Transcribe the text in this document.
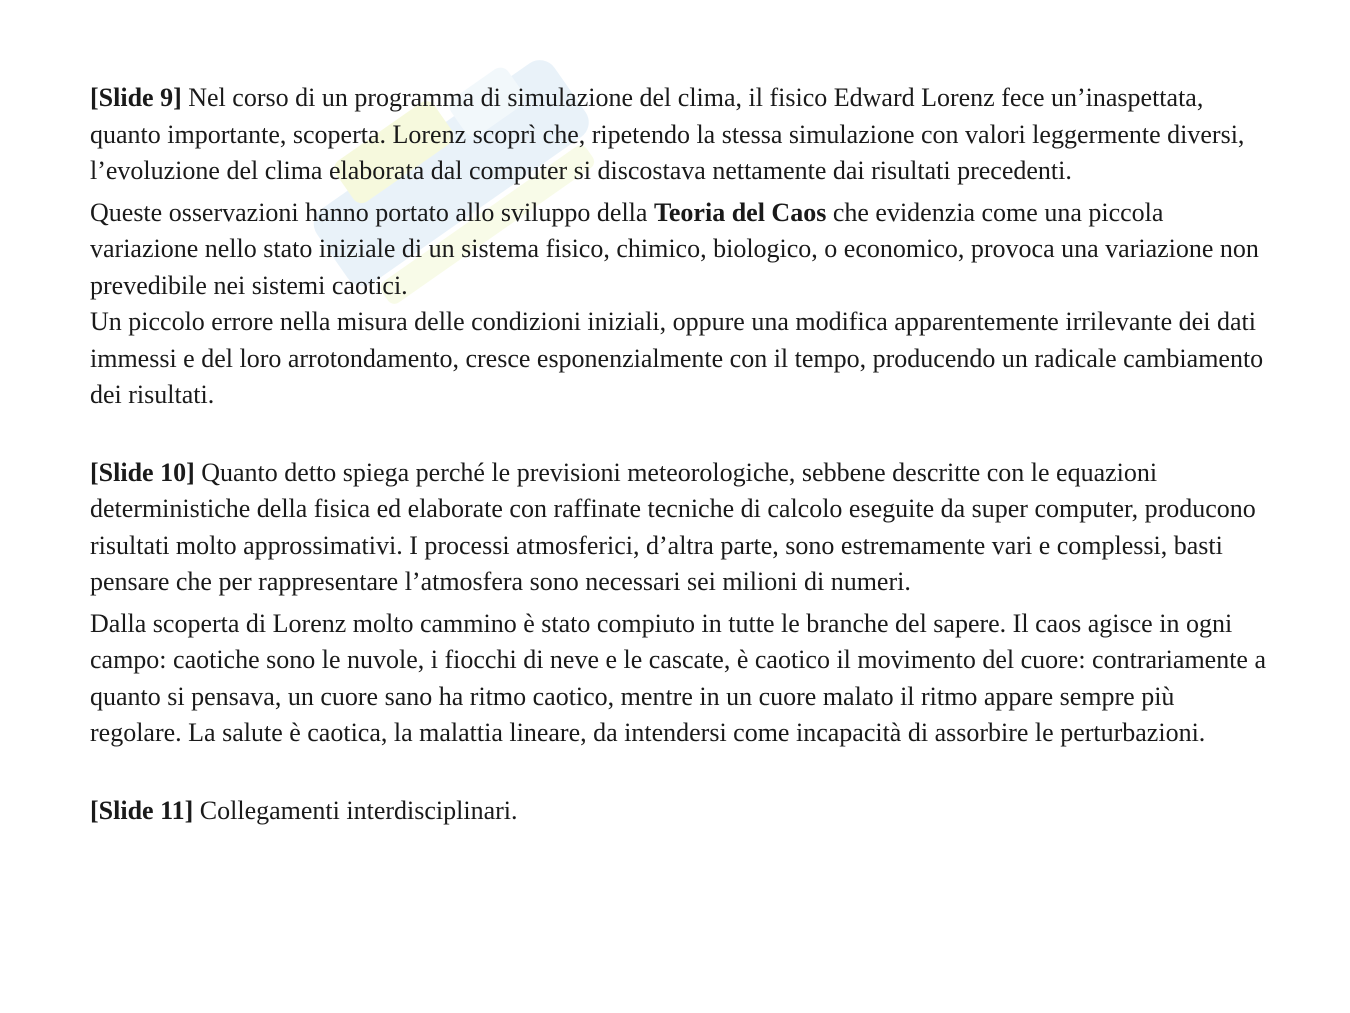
[Slide 9] Nel corso di un programma di simulazione del clima, il fisico Edward Lorenz fece un’inaspettata, quanto importante, scoperta. Lorenz scoprì che, ripetendo la stessa simulazione con valori leggermente diversi, l’evoluzione del clima elaborata dal computer si discostava nettamente dai risultati precedenti.

Queste osservazioni hanno portato allo sviluppo della Teoria del Caos che evidenzia come una piccola variazione nello stato iniziale di un sistema fisico, chimico, biologico, o economico, provoca una variazione non prevedibile nei sistemi caotici.

Un piccolo errore nella misura delle condizioni iniziali, oppure una modifica apparentemente irrilevante dei dati immessi e del loro arrotondamento, cresce esponenzialmente con il tempo, producendo un radicale cambiamento dei risultati.

[Slide 10] Quanto detto spiega perché le previsioni meteorologiche, sebbene descritte con le equazioni deterministiche della fisica ed elaborate con raffinate tecniche di calcolo eseguite da super computer, producono risultati molto approssimativi. I processi atmosferici, d’altra parte, sono estremamente vari e complessi, basti pensare che per rappresentare l’atmosfera sono necessari sei milioni di numeri.

Dalla scoperta di Lorenz molto cammino è stato compiuto in tutte le branche del sapere. Il caos agisce in ogni campo: caotiche sono le nuvole, i fiocchi di neve e le cascate, è caotico il movimento del cuore: contrariamente a quanto si pensava, un cuore sano ha ritmo caotico, mentre in un cuore malato il ritmo appare sempre più regolare. La salute è caotica, la malattia lineare, da intendersi come incapacità di assorbire le perturbazioni.

[Slide 11] Collegamenti interdisciplinari.
